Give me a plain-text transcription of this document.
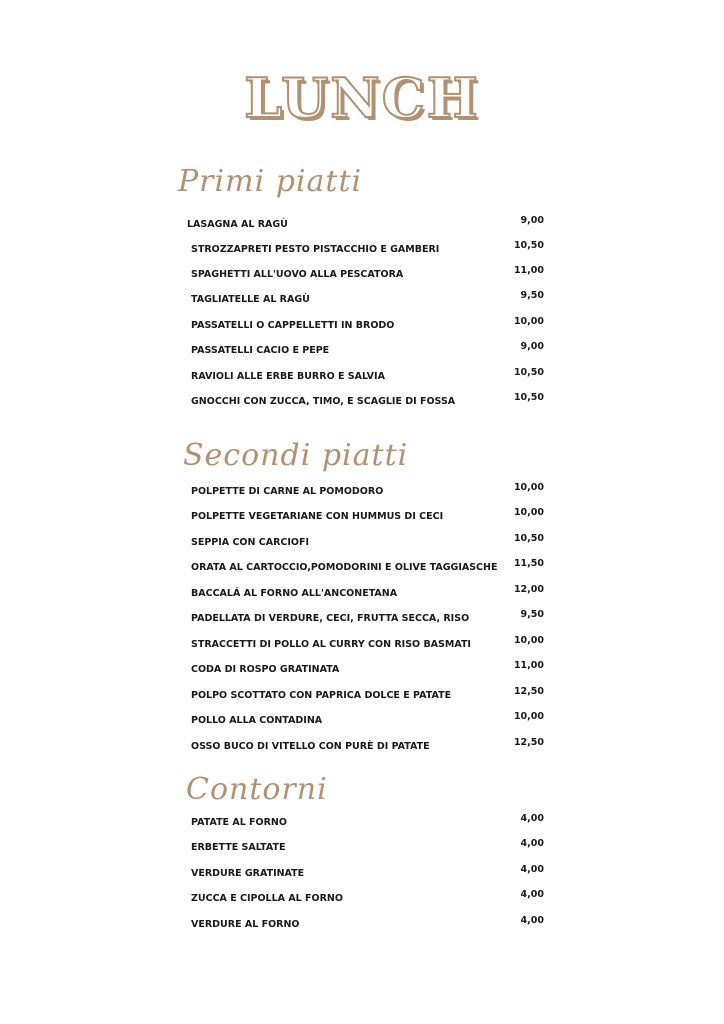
LUNCH
Primi piatti
LASAGNA AL RAGÙ	9,00
STROZZAPRETI PESTO PISTACCHIO E GAMBERI	10,50
SPAGHETTI ALL'UOVO ALLA PESCATORA	11,00
TAGLIATELLE AL RAGÙ	9,50
PASSATELLI O CAPPELLETTI IN BRODO	10,00
PASSATELLI CACIO E PEPE	9,00
RAVIOLI ALLE ERBE BURRO E SALVIA	10,50
GNOCCHI CON ZUCCA, TIMO, E SCAGLIE DI FOSSA	10,50
Secondi piatti
POLPETTE DI CARNE AL POMODORO	10,00
POLPETTE VEGETARIANE CON HUMMUS DI CECI	10,00
SEPPIA CON CARCIOFI	10,50
ORATA AL CARTOCCIO,POMODORINI E OLIVE TAGGIASCHE	11,50
BACCALÁ AL FORNO ALL'ANCONETANA	12,00
PADELLATA DI VERDURE, CECI, FRUTTA SECCA, RISO	9,50
STRACCETTI DI POLLO AL CURRY CON RISO BASMATI	10,00
CODA DI ROSPO GRATINATA	11,00
POLPO SCOTTATO CON PAPRICA DOLCE E PATATE	12,50
POLLO ALLA CONTADINA	10,00
OSSO BUCO DI VITELLO CON PURÈ DI PATATE	12,50
Contorni
PATATE AL FORNO	4,00
ERBETTE SALTATE	4,00
VERDURE GRATINATE	4,00
ZUCCA E CIPOLLA AL FORNO	4,00
VERDURE AL FORNO	4,00
